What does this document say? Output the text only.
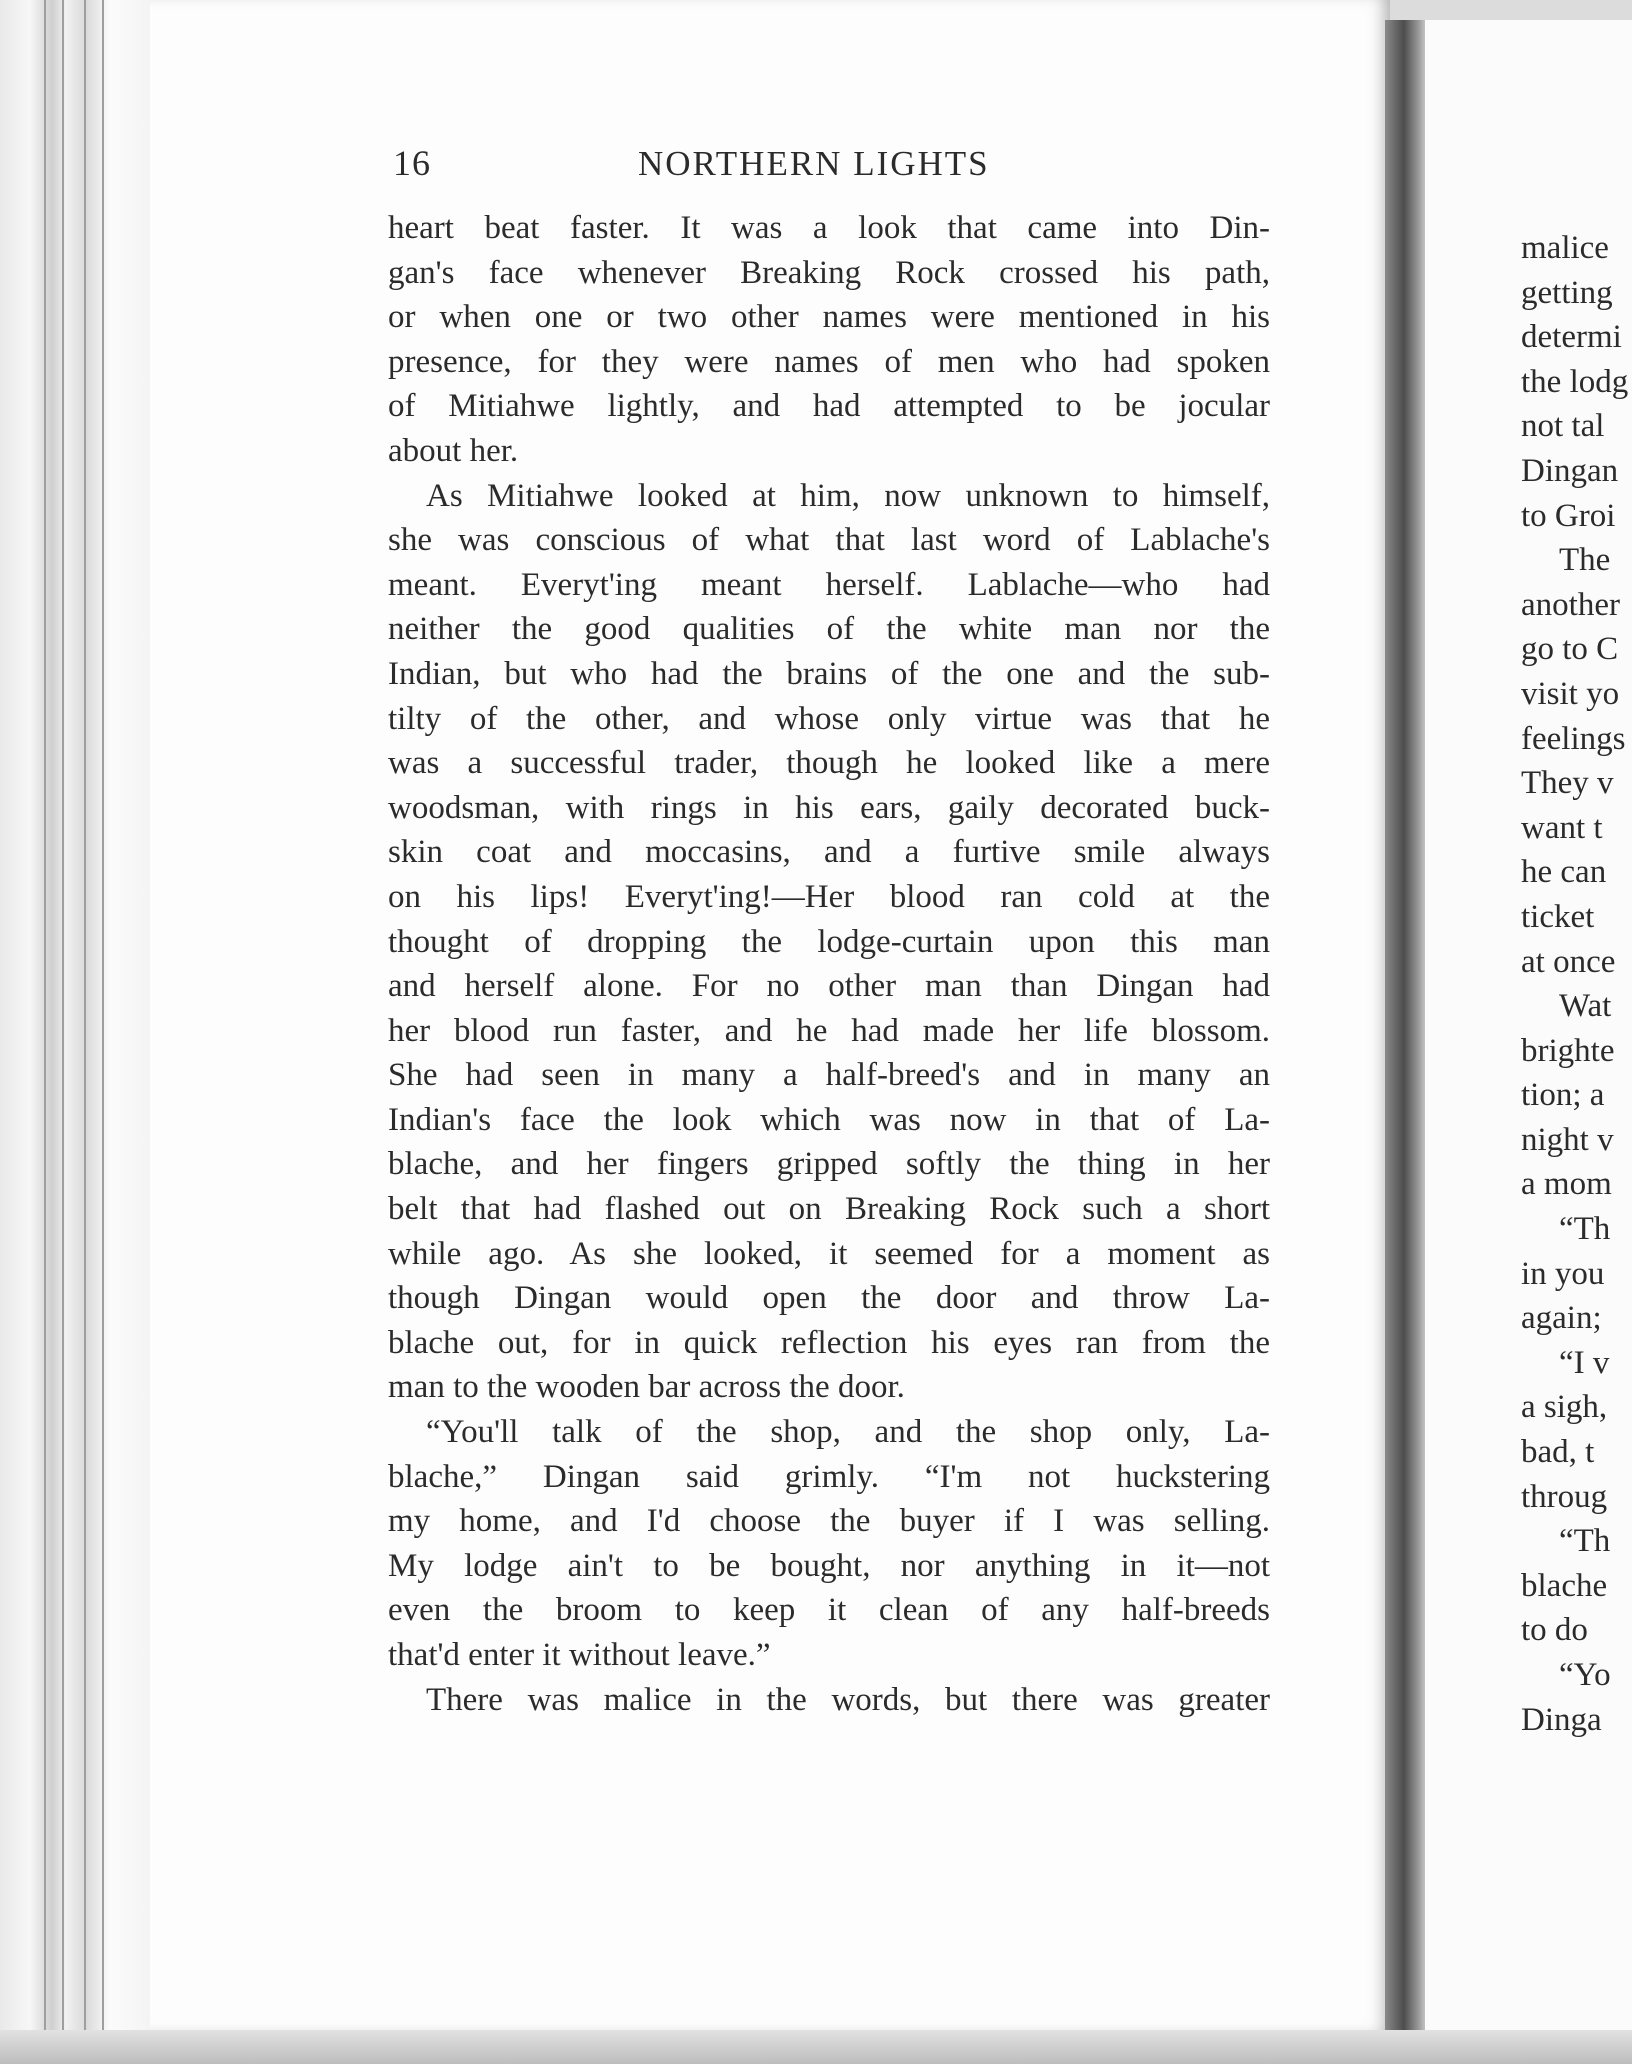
16	NORTHERN LIGHTS
heart beat faster. It was a look that came into Din-
gan's face whenever Breaking Rock crossed his path,
or when one or two other names were mentioned in his
presence, for they were names of men who had spoken
of Mitiahwe lightly, and had attempted to be jocular
about her.
As Mitiahwe looked at him, now unknown to himself,
she was conscious of what that last word of Lablache's
meant. Everyt'ing meant herself. Lablache—who had
neither the good qualities of the white man nor the
Indian, but who had the brains of the one and the sub-
tilty of the other, and whose only virtue was that he
was a successful trader, though he looked like a mere
woodsman, with rings in his ears, gaily decorated buck-
skin coat and moccasins, and a furtive smile always
on his lips! Everyt'ing!—Her blood ran cold at the
thought of dropping the lodge-curtain upon this man
and herself alone. For no other man than Dingan had
her blood run faster, and he had made her life blossom.
She had seen in many a half-breed's and in many an
Indian's face the look which was now in that of La-
blache, and her fingers gripped softly the thing in her
belt that had flashed out on Breaking Rock such a short
while ago. As she looked, it seemed for a moment as
though Dingan would open the door and throw La-
blache out, for in quick reflection his eyes ran from the
man to the wooden bar across the door.
“You'll talk of the shop, and the shop only, La-
blache,” Dingan said grimly. “I'm not huckstering
my home, and I'd choose the buyer if I was selling.
My lodge ain't to be bought, nor anything in it—not
even the broom to keep it clean of any half-breeds
that'd enter it without leave.”
There was malice in the words, but there was greater
malice
getting
determi
the lodg
not tal
Dingan
to Groi
The
another
go to C
visit yo
feelings
They v
want t
he can
ticket
at once
Wat
brighte
tion; a
night v
a mom
“Th
in you
again;
“I v
a sigh,
bad, t
throug
“Th
blache
to do
“Yo
Dinga
